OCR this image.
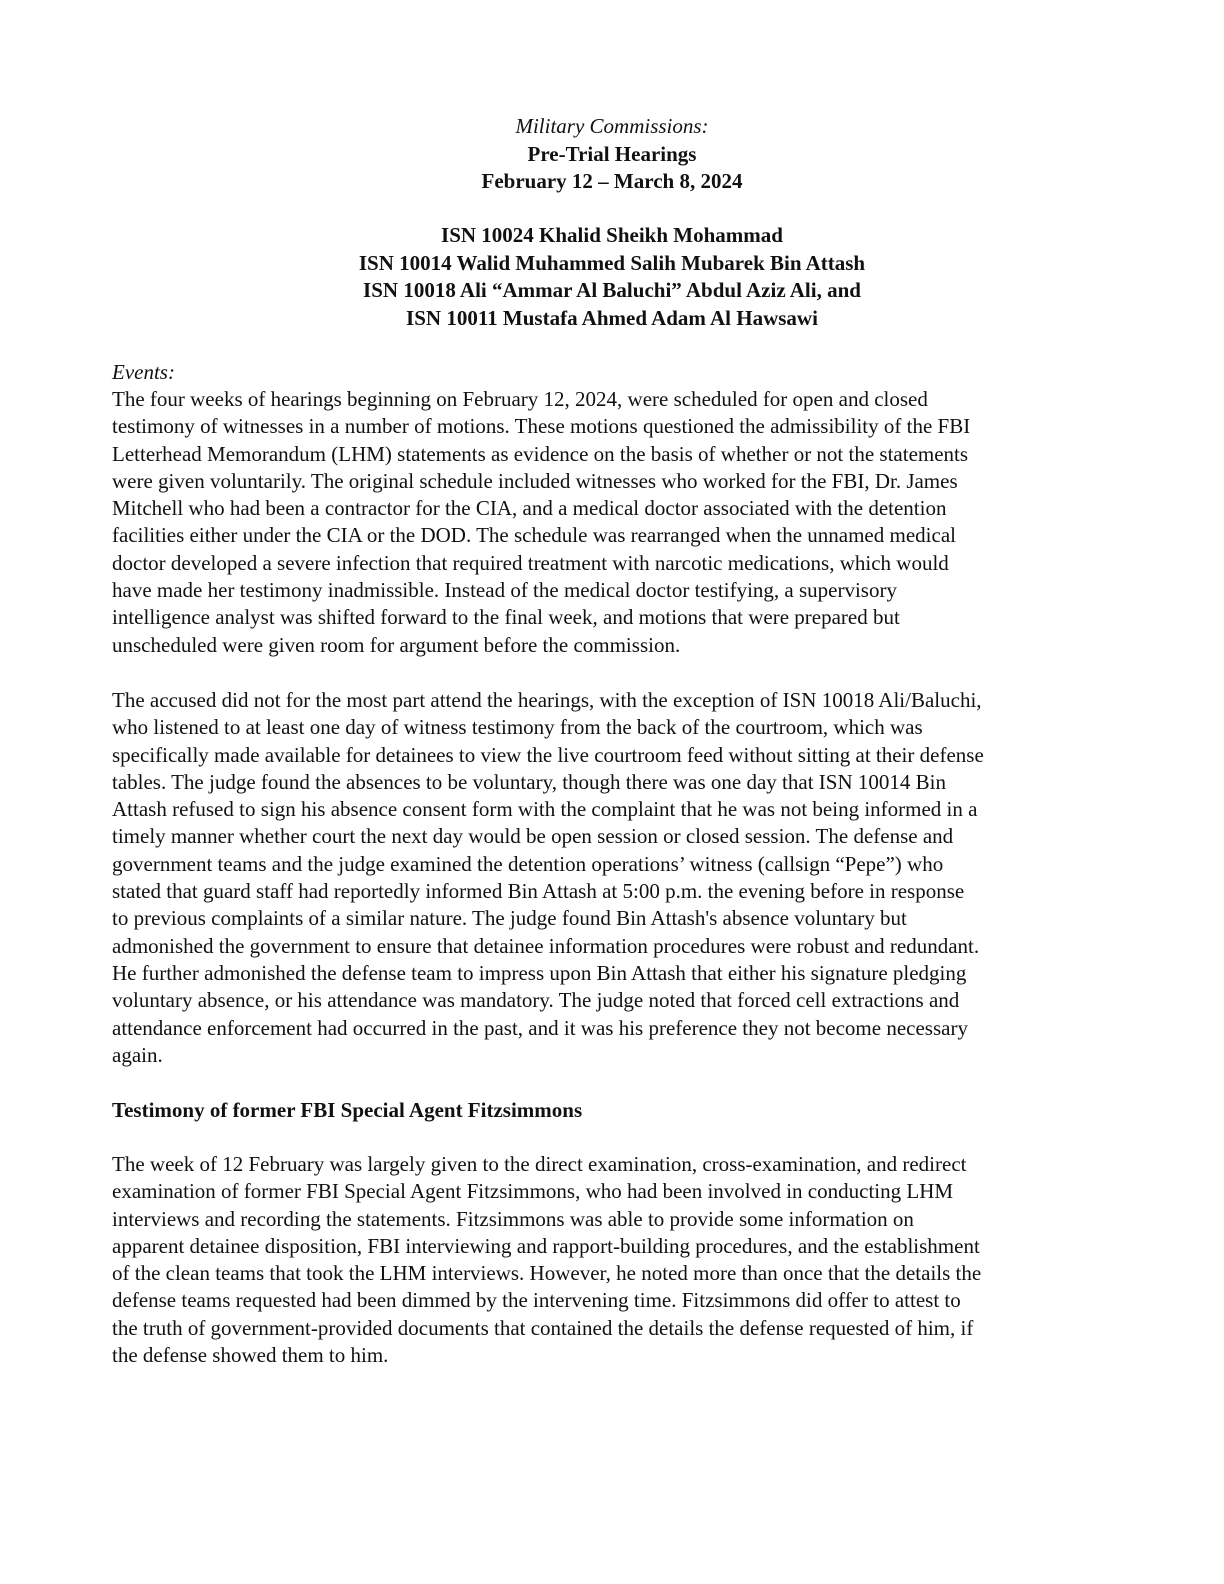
Military Commissions:
Pre-Trial Hearings
February 12 – March 8, 2024
ISN 10024 Khalid Sheikh Mohammad
ISN 10014 Walid Muhammed Salih Mubarek Bin Attash
ISN 10018 Ali “Ammar Al Baluchi” Abdul Aziz Ali, and
ISN 10011 Mustafa Ahmed Adam Al Hawsawi
Events:
The four weeks of hearings beginning on February 12, 2024, were scheduled for open and closed
testimony of witnesses in a number of motions. These motions questioned the admissibility of the FBI
Letterhead Memorandum (LHM) statements as evidence on the basis of whether or not the statements
were given voluntarily. The original schedule included witnesses who worked for the FBI, Dr. James
Mitchell who had been a contractor for the CIA, and a medical doctor associated with the detention
facilities either under the CIA or the DOD. The schedule was rearranged when the unnamed medical
doctor developed a severe infection that required treatment with narcotic medications, which would
have made her testimony inadmissible. Instead of the medical doctor testifying, a supervisory
intelligence analyst was shifted forward to the final week, and motions that were prepared but
unscheduled were given room for argument before the commission.
The accused did not for the most part attend the hearings, with the exception of ISN 10018 Ali/Baluchi,
who listened to at least one day of witness testimony from the back of the courtroom, which was
specifically made available for detainees to view the live courtroom feed without sitting at their defense
tables. The judge found the absences to be voluntary, though there was one day that ISN 10014 Bin
Attash refused to sign his absence consent form with the complaint that he was not being informed in a
timely manner whether court the next day would be open session or closed session. The defense and
government teams and the judge examined the detention operations’ witness (callsign “Pepe”) who
stated that guard staff had reportedly informed Bin Attash at 5:00 p.m. the evening before in response
to previous complaints of a similar nature. The judge found Bin Attash's absence voluntary but
admonished the government to ensure that detainee information procedures were robust and redundant.
He further admonished the defense team to impress upon Bin Attash that either his signature pledging
voluntary absence, or his attendance was mandatory. The judge noted that forced cell extractions and
attendance enforcement had occurred in the past, and it was his preference they not become necessary
again.
Testimony of former FBI Special Agent Fitzsimmons
The week of 12 February was largely given to the direct examination, cross-examination, and redirect
examination of former FBI Special Agent Fitzsimmons, who had been involved in conducting LHM
interviews and recording the statements. Fitzsimmons was able to provide some information on
apparent detainee disposition, FBI interviewing and rapport-building procedures, and the establishment
of the clean teams that took the LHM interviews. However, he noted more than once that the details the
defense teams requested had been dimmed by the intervening time. Fitzsimmons did offer to attest to
the truth of government-provided documents that contained the details the defense requested of him, if
the defense showed them to him.
